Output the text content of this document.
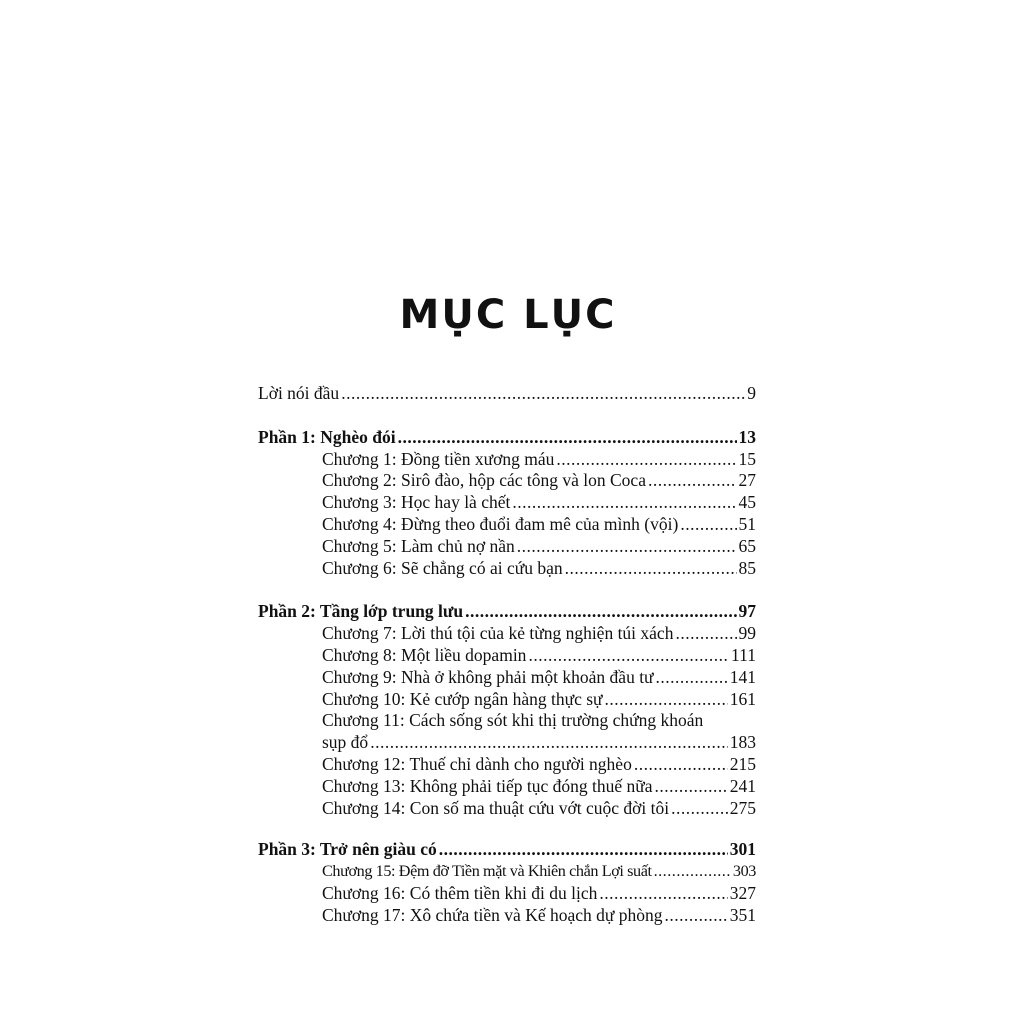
MỤC LỤC
Lời nói đầu .....	9
Phần 1: Nghèo đói .....	13
Chương 1: Đồng tiền xương máu .....	15
Chương 2: Sirô đào, hộp các tông và lon Coca .....	27
Chương 3: Học hay là chết .....	45
Chương 4: Đừng theo đuổi đam mê của mình (vội) .....	51
Chương 5: Làm chủ nợ nần .....	65
Chương 6: Sẽ chẳng có ai cứu bạn .....	85
Phần 2: Tầng lớp trung lưu .....	97
Chương 7: Lời thú tội của kẻ từng nghiện túi xách .....	99
Chương 8: Một liều dopamin .....	111
Chương 9: Nhà ở không phải một khoản đầu tư .....	141
Chương 10: Kẻ cướp ngân hàng thực sự .....	161
Chương 11: Cách sống sót khi thị trường chứng khoán
sụp đổ .....	183
Chương 12: Thuế chỉ dành cho người nghèo .....	215
Chương 13: Không phải tiếp tục đóng thuế nữa .....	241
Chương 14: Con số ma thuật cứu vớt cuộc đời tôi .....	275
Phần 3: Trở nên giàu có .....	301
Chương 15: Đệm đỡ Tiền mặt và Khiên chắn Lợi suất .....	303
Chương 16: Có thêm tiền khi đi du lịch .....	327
Chương 17: Xô chứa tiền và Kế hoạch dự phòng .....	351
